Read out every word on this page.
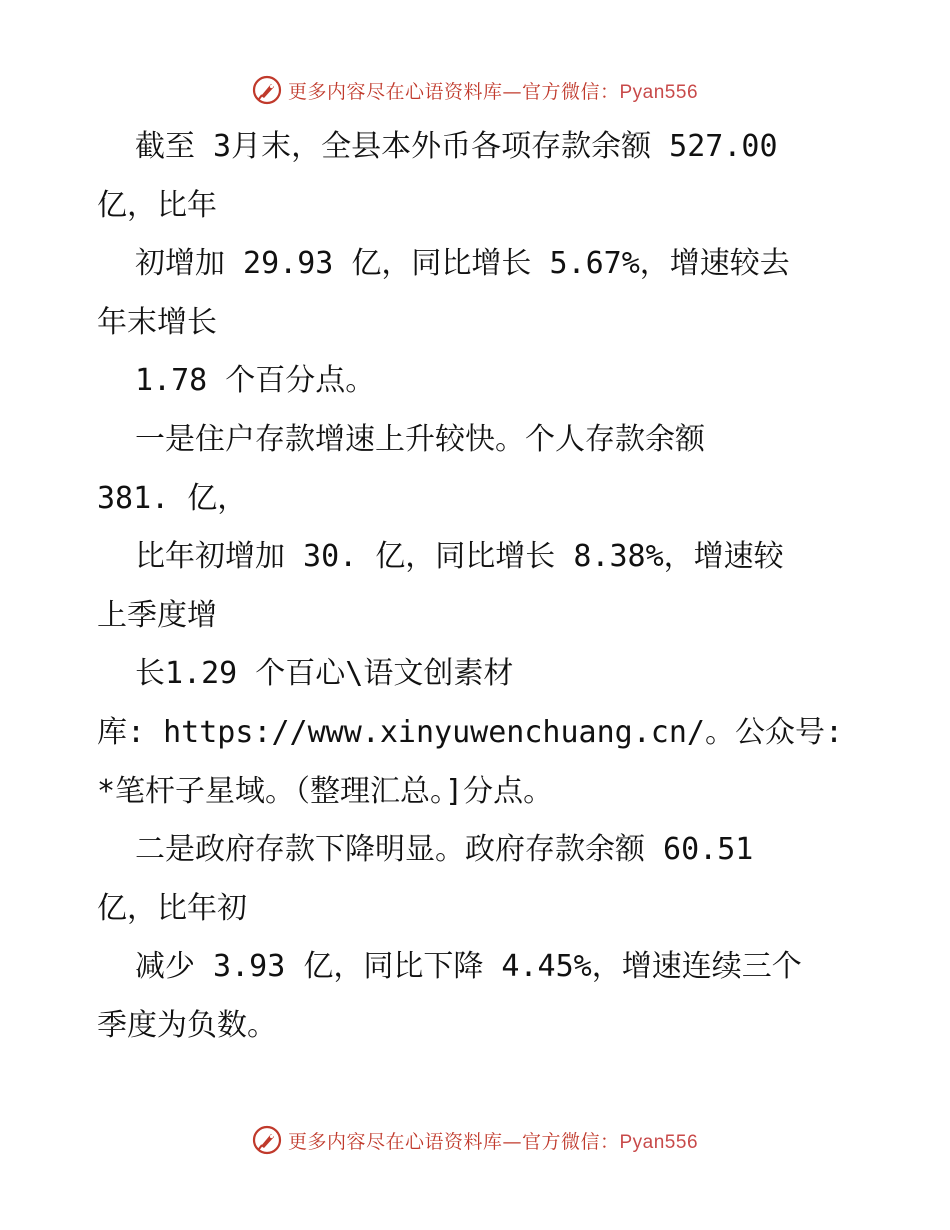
更多内容尽在心语资料库—官方微信：Pyan556
截至 3月末，全县本外币各项存款余额 527.00
亿，比年
初增加 29.93 亿，同比增长 5.67%，增速较去
年末增长
1.78 个百分点。
一是住户存款增速上升较快。个人存款余额
381. 亿，
比年初增加 30. 亿，同比增长 8.38%，增速较
上季度增
长1.29 个百心\语文创素材
库: https://www.xinyuwenchuang.cn/。公众号:
*笔杆子星域。（整理汇总。]分点。
二是政府存款下降明显。政府存款余额 60.51
亿，比年初
减少 3.93 亿，同比下降 4.45%，增速连续三个
季度为负数。
更多内容尽在心语资料库—官方微信：Pyan556
